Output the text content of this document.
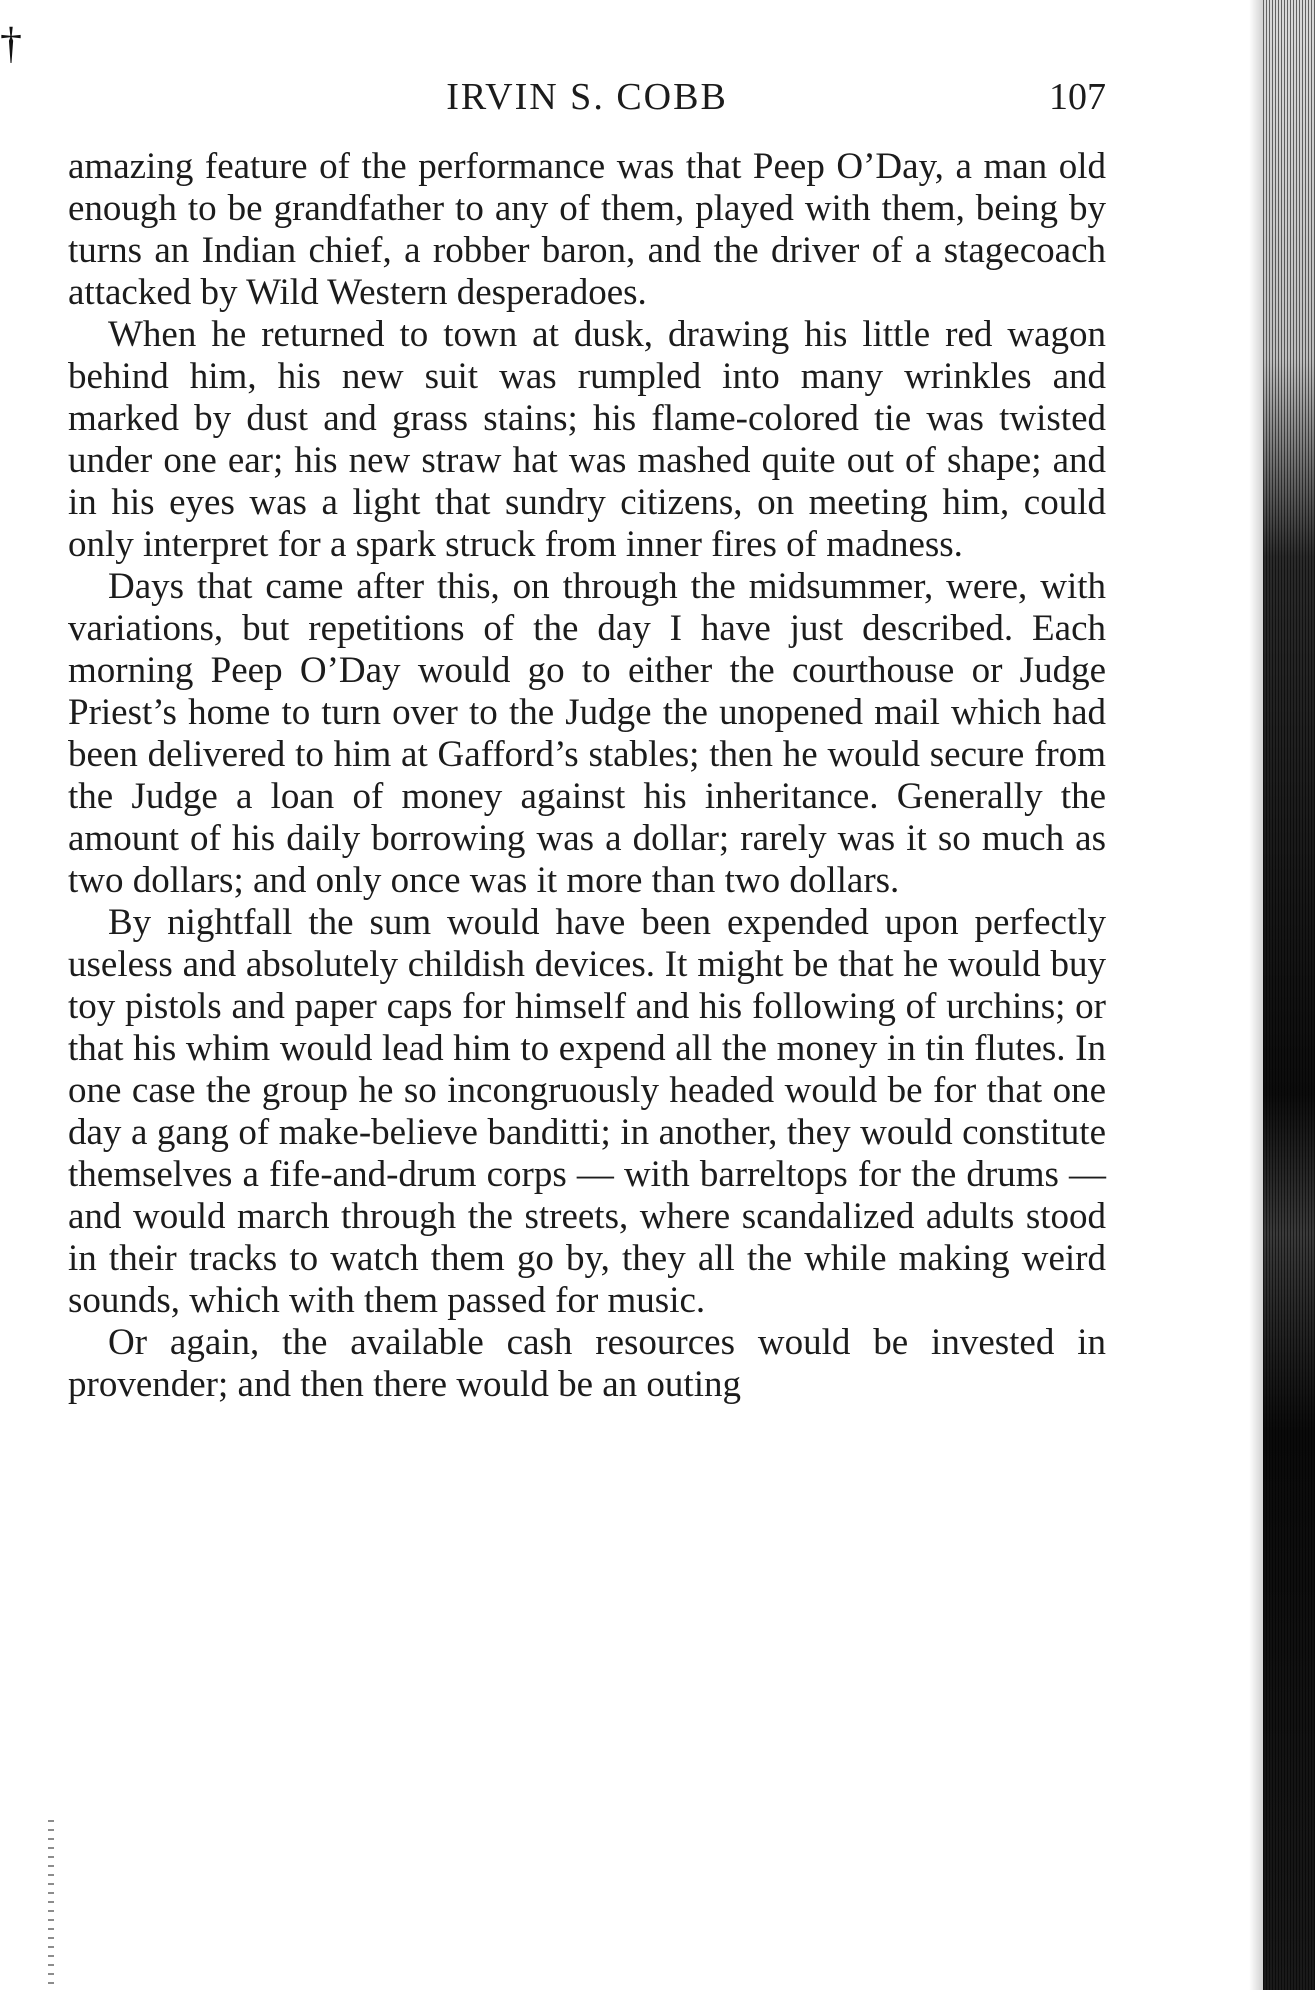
†
IRVIN S. COBB	107

amazing feature of the performance was that Peep O’Day, a man old enough to be grandfather to any of them, played with them, being by turns an Indian chief, a robber baron, and the driver of a stagecoach attacked by Wild Western desperadoes.

When he returned to town at dusk, drawing his little red wagon behind him, his new suit was rumpled into many wrinkles and marked by dust and grass stains; his flame-colored tie was twisted under one ear; his new straw hat was mashed quite out of shape; and in his eyes was a light that sundry citizens, on meeting him, could only interpret for a spark struck from inner fires of madness.

Days that came after this, on through the midsummer, were, with variations, but repetitions of the day I have just described. Each morning Peep O’Day would go to either the courthouse or Judge Priest’s home to turn over to the Judge the unopened mail which had been delivered to him at Gafford’s stables; then he would secure from the Judge a loan of money against his inheritance. Generally the amount of his daily borrowing was a dollar; rarely was it so much as two dollars; and only once was it more than two dollars.

By nightfall the sum would have been expended upon perfectly useless and absolutely childish devices. It might be that he would buy toy pistols and paper caps for himself and his following of urchins; or that his whim would lead him to expend all the money in tin flutes. In one case the group he so incongruously headed would be for that one day a gang of make-believe banditti; in another, they would constitute themselves a fife-and-drum corps — with barreltops for the drums — and would march through the streets, where scandalized adults stood in their tracks to watch them go by, they all the while making weird sounds, which with them passed for music.

Or again, the available cash resources would be invested in provender; and then there would be an outing
